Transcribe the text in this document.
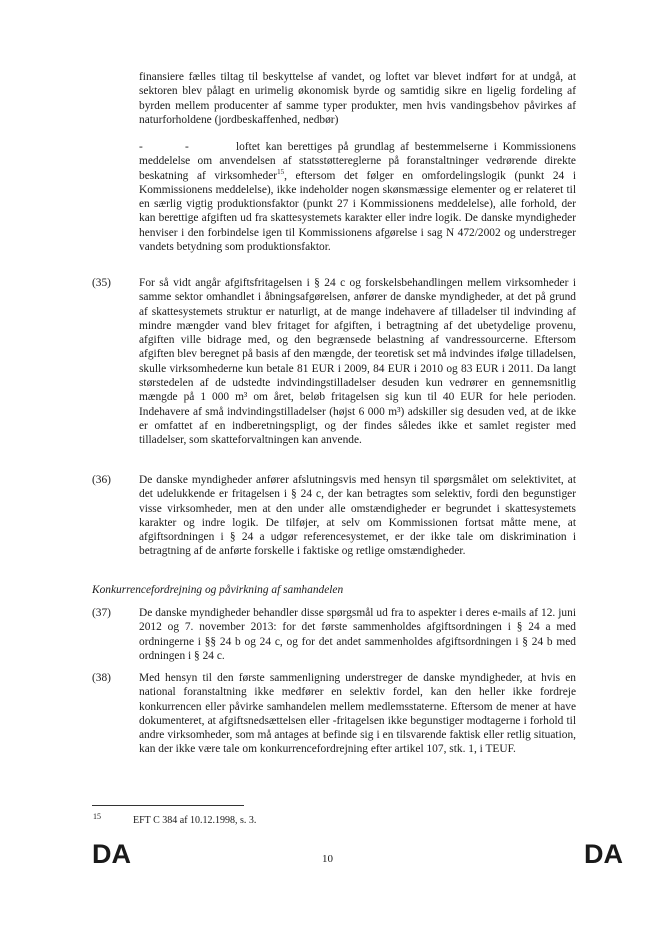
finansiere fælles tiltag til beskyttelse af vandet, og loftet var blevet indført for at undgå, at sektoren blev pålagt en urimelig økonomisk byrde og samtidig sikre en ligelig fordeling af byrden mellem producenter af samme typer produkter, men hvis vandingsbehov påvirkes af naturforholdene (jordbeskaffenhed, nedbør)

-	-	loftet kan berettiges på grundlag af bestemmelserne i Kommissionens meddelelse om anvendelsen af statsstøttereglerne på foranstaltninger vedrørende direkte beskatning af virksomheder$^{15}$, eftersom det følger en omfordelingslogik (punkt 24 i Kommissionens meddelelse), ikke indeholder nogen skønsmæssige elementer og er relateret til en særlig vigtig produktionsfaktor (punkt 27 i Kommissionens meddelelse), alle forhold, der kan berettige afgiften ud fra skattesystemets karakter eller indre logik. De danske myndigheder henviser i den forbindelse igen til Kommissionens afgørelse i sag N 472/2002 og understreger vandets betydning som produktionsfaktor.

(35) For så vidt angår afgiftsfritagelsen i § 24 c og forskelsbehandlingen mellem virksomheder i samme sektor omhandlet i åbningsafgørelsen, anfører de danske myndigheder, at det på grund af skattesystemets struktur er naturligt, at de mange indehavere af tilladelser til indvinding af mindre mængder vand blev fritaget for afgiften, i betragtning af det ubetydelige provenu, afgiften ville bidrage med, og den begrænsede belastning af vandressourcerne. Eftersom afgiften blev beregnet på basis af den mængde, der teoretisk set må indvindes ifølge tilladelsen, skulle virksomhederne kun betale 81 EUR i 2009, 84 EUR i 2010 og 83 EUR i 2011. Da langt størstedelen af de udstedte indvindingstilladelser desuden kun vedrører en gennemsnitlig mængde på 1 000 m³ om året, beløb fritagelsen sig kun til 40 EUR for hele perioden. Indehavere af små indvindingstilladelser (højst 6 000 m³) adskiller sig desuden ved, at de ikke er omfattet af en indberetningspligt, og der findes således ikke et samlet register med tilladelser, som skatteforvaltningen kan anvende.

(36) De danske myndigheder anfører afslutningsvis med hensyn til spørgsmålet om selektivitet, at det udelukkende er fritagelsen i § 24 c, der kan betragtes som selektiv, fordi den begunstiger visse virksomheder, men at den under alle omstændigheder er begrundet i skattesystemets karakter og indre logik. De tilføjer, at selv om Kommissionen fortsat måtte mene, at afgiftsordningen i § 24 a udgør referencesystemet, er der ikke tale om diskrimination i betragtning af de anførte forskelle i faktiske og retlige omstændigheder.

Konkurrencefordrejning og påvirkning af samhandelen

(37) De danske myndigheder behandler disse spørgsmål ud fra to aspekter i deres e-mails af 12. juni 2012 og 7. november 2013: for det første sammenholdes afgiftsordningen i § 24 a med ordningerne i §§ 24 b og 24 c, og for det andet sammenholdes afgiftsordningen i § 24 b med ordningen i § 24 c.

(38) Med hensyn til den første sammenligning understreger de danske myndigheder, at hvis en national foranstaltning ikke medfører en selektiv fordel, kan den heller ikke fordreje konkurrencen eller påvirke samhandelen mellem medlemsstaterne. Eftersom de mener at have dokumenteret, at afgiftsnedsættelsen eller -fritagelsen ikke begunstiger modtagerne i forhold til andre virksomheder, som må antages at befinde sig i en tilsvarende faktisk eller retlig situation, kan der ikke være tale om konkurrencefordrejning efter artikel 107, stk. 1, i TEUF.

15	EFT C 384 af 10.12.1998, s. 3.

DA	10	DA
